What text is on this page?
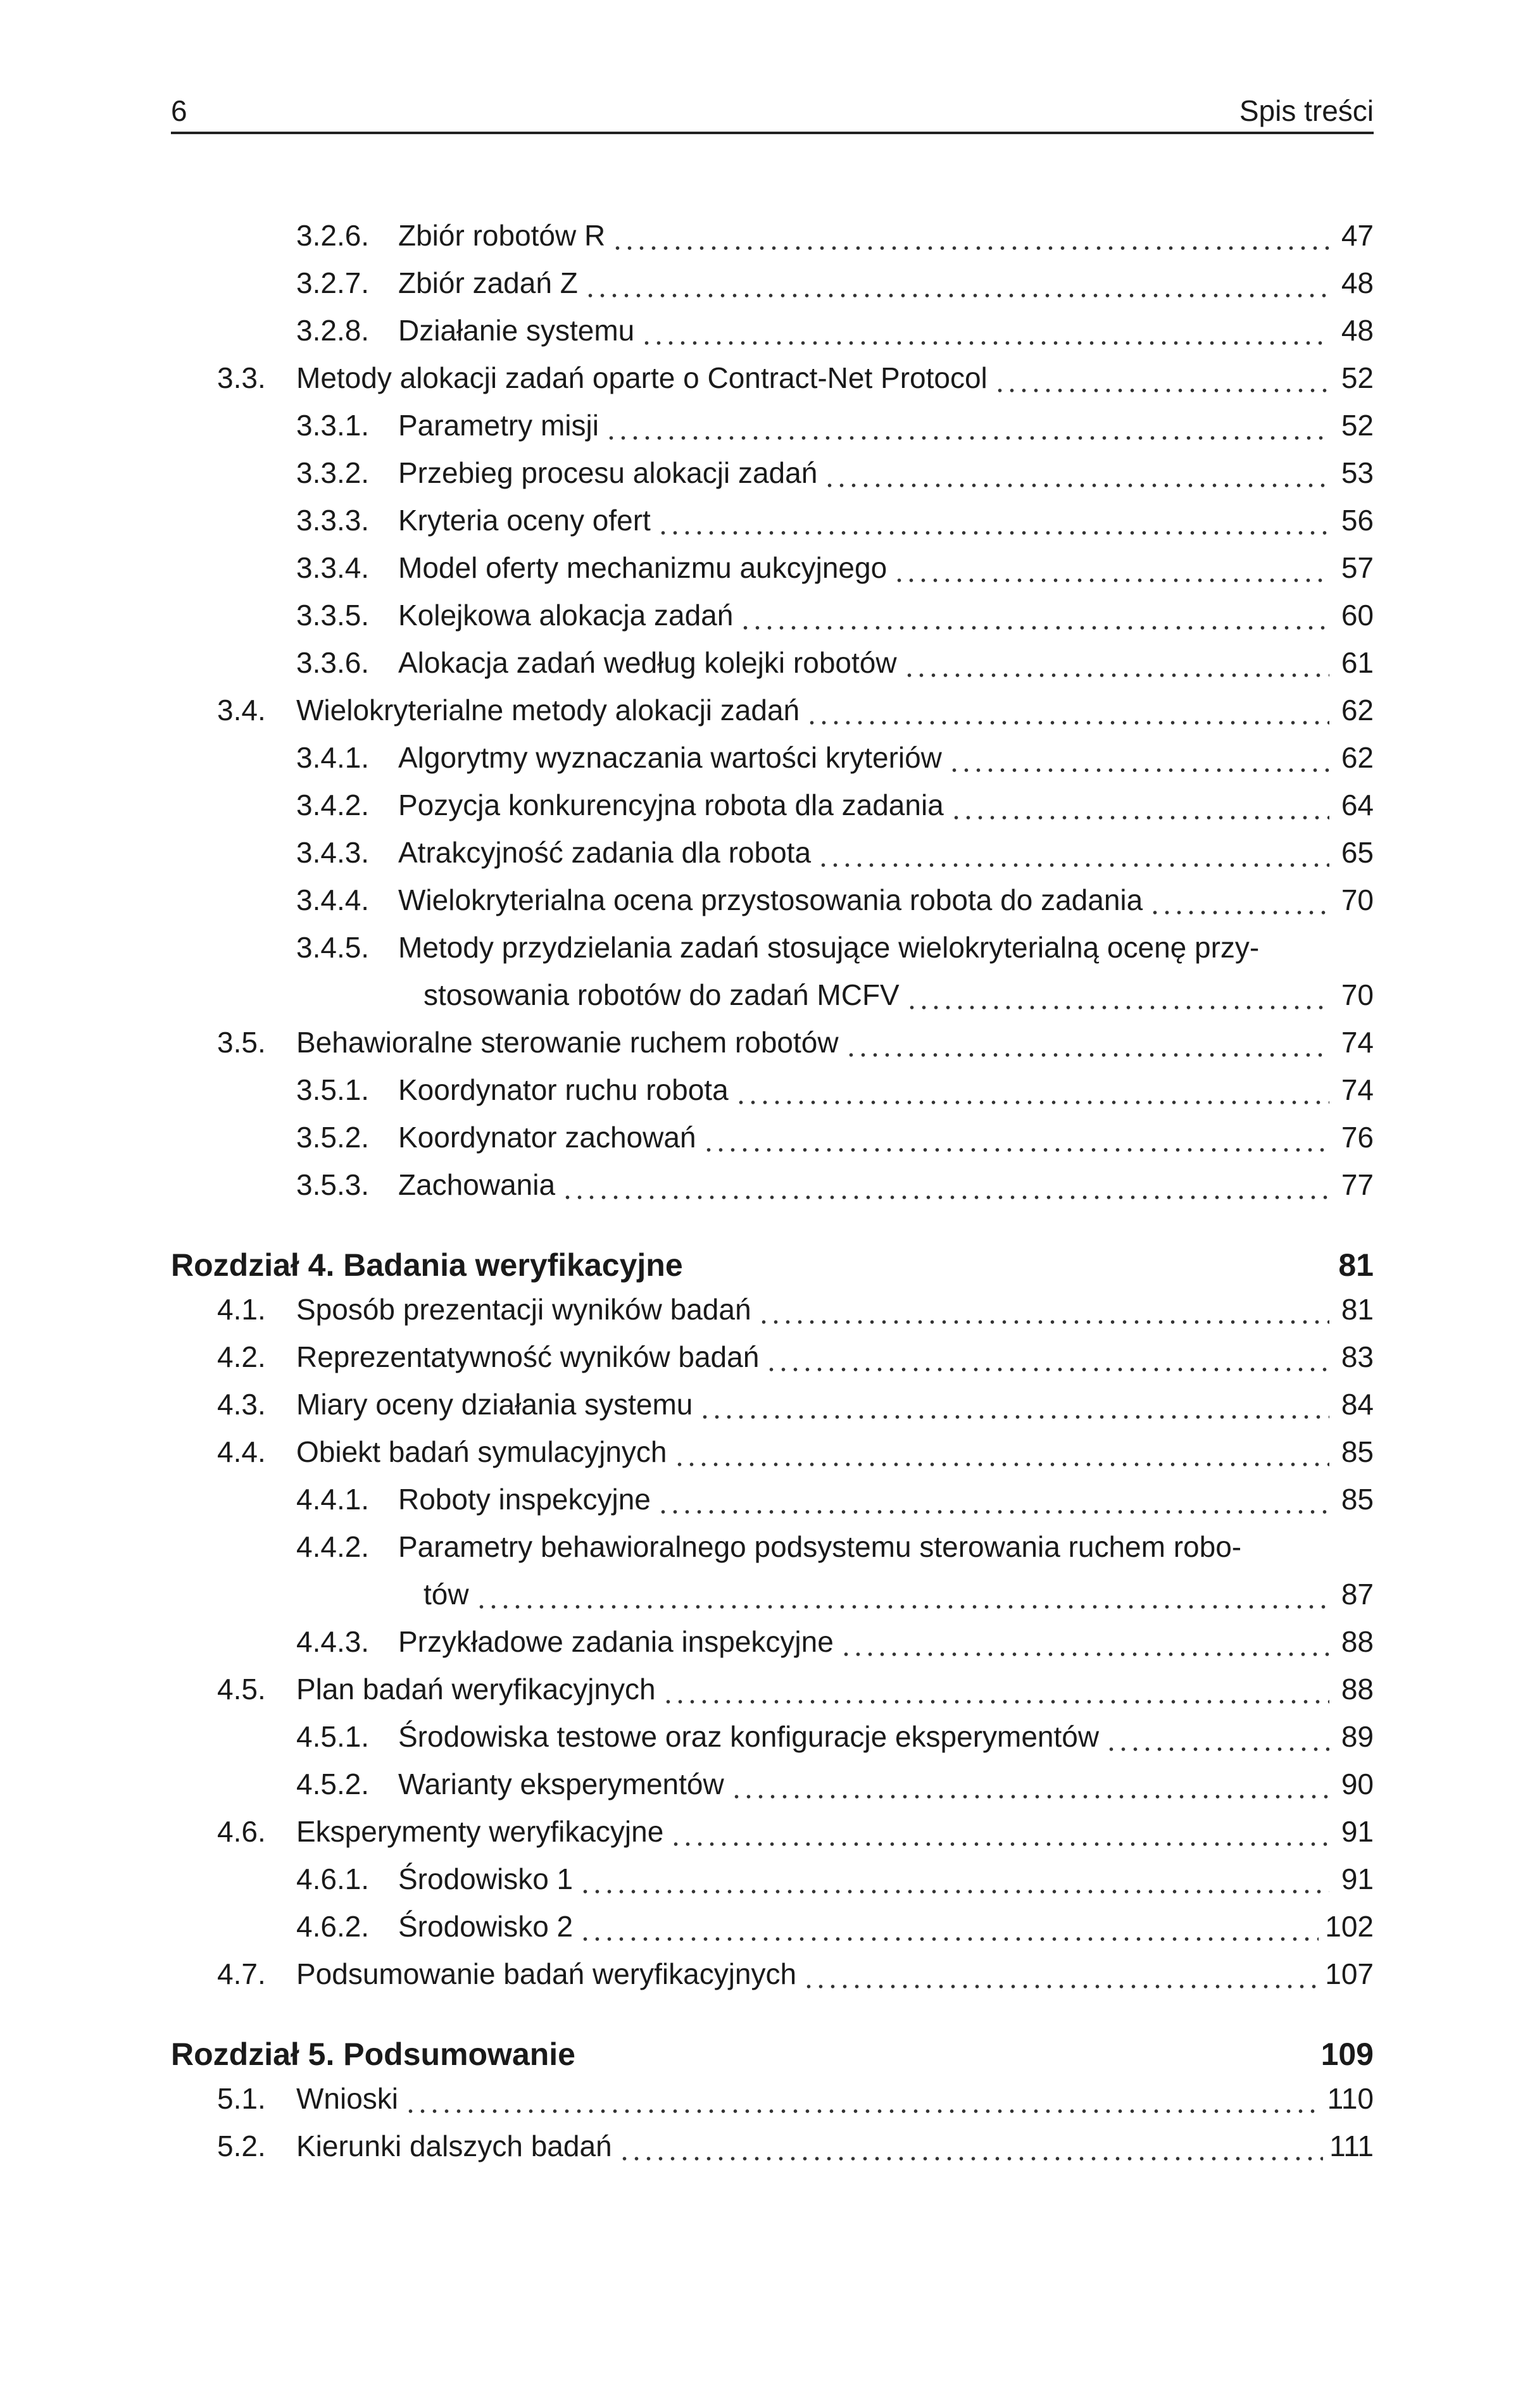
6	Spis treści
3.2.6. Zbiór robotów R	47
3.2.7. Zbiór zadań Z	48
3.2.8. Działanie systemu	48
3.3. Metody alokacji zadań oparte o Contract-Net Protocol	52
3.3.1. Parametry misji	52
3.3.2. Przebieg procesu alokacji zadań	53
3.3.3. Kryteria oceny ofert	56
3.3.4. Model oferty mechanizmu aukcyjnego	57
3.3.5. Kolejkowa alokacja zadań	60
3.3.6. Alokacja zadań według kolejki robotów	61
3.4. Wielokryterialne metody alokacji zadań	62
3.4.1. Algorytmy wyznaczania wartości kryteriów	62
3.4.2. Pozycja konkurencyjna robota dla zadania	64
3.4.3. Atrakcyjność zadania dla robota	65
3.4.4. Wielokryterialna ocena przystosowania robota do zadania	70
3.4.5. Metody przydzielania zadań stosujące wielokryterialną ocenę przy-
stosowania robotów do zadań MCFV	70
3.5. Behawioralne sterowanie ruchem robotów	74
3.5.1. Koordynator ruchu robota	74
3.5.2. Koordynator zachowań	76
3.5.3. Zachowania	77
Rozdział 4. Badania weryfikacyjne	81
4.1. Sposób prezentacji wyników badań	81
4.2. Reprezentatywność wyników badań	83
4.3. Miary oceny działania systemu	84
4.4. Obiekt badań symulacyjnych	85
4.4.1. Roboty inspekcyjne	85
4.4.2. Parametry behawioralnego podsystemu sterowania ruchem robo-
tów	87
4.4.3. Przykładowe zadania inspekcyjne	88
4.5. Plan badań weryfikacyjnych	88
4.5.1. Środowiska testowe oraz konfiguracje eksperymentów	89
4.5.2. Warianty eksperymentów	90
4.6. Eksperymenty weryfikacyjne	91
4.6.1. Środowisko 1	91
4.6.2. Środowisko 2	102
4.7. Podsumowanie badań weryfikacyjnych	107
Rozdział 5. Podsumowanie	109
5.1. Wnioski	110
5.2. Kierunki dalszych badań	111
